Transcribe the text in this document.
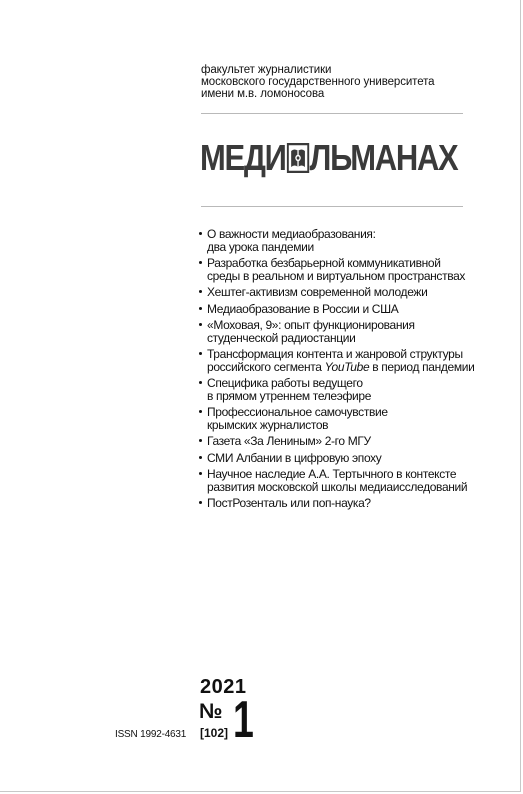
факультет журналистики
московского государственного университета
имени м.в. ломоносова
МЕДИ ЛЬМАНАХ
О важности медиаобразования:
два урока пандемии
Разработка безбарьерной коммуникативной
среды в реальном и виртуальном пространствах
Хештег-активизм современной молодежи
Медиаобразование в России и США
«Моховая, 9»: опыт функционирования
студенческой радиостанции
Трансформация контента и жанровой структуры
российского сегмента YouTube в период пандемии
Специфика работы ведущего
в прямом утреннем телеэфире
Профессиональное самочувствие
крымских журналистов
Газета «За Лениным» 2-го МГУ
СМИ Албании в цифровую эпоху
Научное наследие А.А. Тертычного в контексте
развития московской школы медиаисследований
ПостРозенталь или поп-наука?
2021
№ 1
[102]
ISSN 1992-4631
